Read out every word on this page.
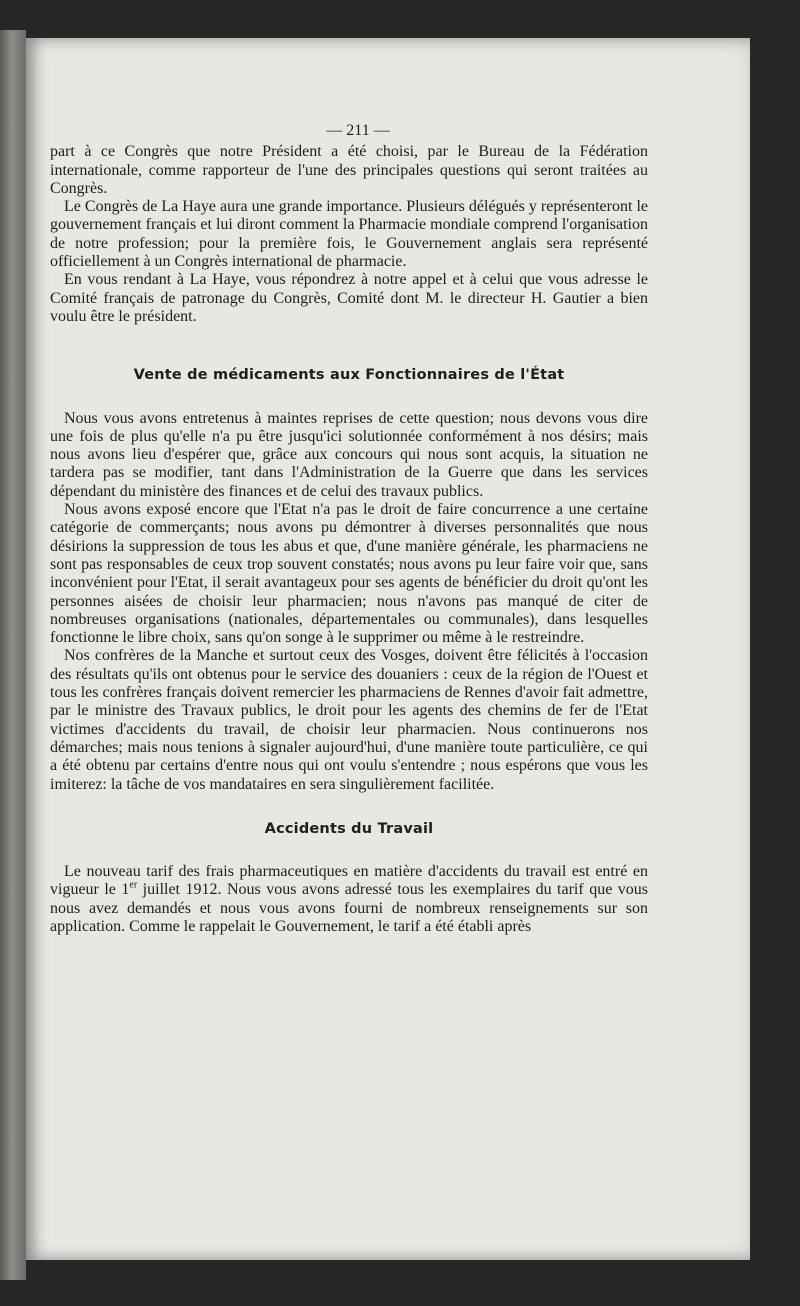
— 211 —

part à ce Congrès que notre Président a été choisi, par le Bureau de la Fédération internationale, comme rapporteur de l'une des principales questions qui seront traitées au Congrès.

Le Congrès de La Haye aura une grande importance. Plusieurs délégués y représenteront le gouvernement français et lui diront comment la Pharmacie mondiale comprend l'organisation de notre profession; pour la première fois, le Gouvernement anglais sera représenté officiellement à un Congrès international de pharmacie.

En vous rendant à La Haye, vous répondrez à notre appel et à celui que vous adresse le Comité français de patronage du Congrès, Comité dont M. le directeur H. Gautier a bien voulu être le président.

Vente de médicaments aux Fonctionnaires de l'État

Nous vous avons entretenus à maintes reprises de cette question; nous devons vous dire une fois de plus qu'elle n'a pu être jusqu'ici solutionnée conformément à nos désirs; mais nous avons lieu d'espérer que, grâce aux concours qui nous sont acquis, la situation ne tardera pas se modifier, tant dans l'Administration de la Guerre que dans les services dépendant du ministère des finances et de celui des travaux publics.

Nous avons exposé encore que l'Etat n'a pas le droit de faire concurrence a une certaine catégorie de commerçants; nous avons pu démontrer à diverses personnalités que nous désirions la suppression de tous les abus et que, d'une manière générale, les pharmaciens ne sont pas responsables de ceux trop souvent constatés; nous avons pu leur faire voir que, sans inconvénient pour l'Etat, il serait avantageux pour ses agents de bénéficier du droit qu'ont les personnes aisées de choisir leur pharmacien; nous n'avons pas manqué de citer de nombreuses organisations (nationales, départementales ou communales), dans lesquelles fonctionne le libre choix, sans qu'on songe à le supprimer ou même à le restreindre.

Nos confrères de la Manche et surtout ceux des Vosges, doivent être félicités à l'occasion des résultats qu'ils ont obtenus pour le service des douaniers : ceux de la région de l'Ouest et tous les confrères français doivent remercier les pharmaciens de Rennes d'avoir fait admettre, par le ministre des Travaux publics, le droit pour les agents des chemins de fer de l'Etat victimes d'accidents du travail, de choisir leur pharmacien. Nous continuerons nos démarches; mais nous tenions à signaler aujourd'hui, d'une manière toute particulière, ce qui a été obtenu par certains d'entre nous qui ont voulu s'entendre ; nous espérons que vous les imiterez: la tâche de vos mandataires en sera singulièrement facilitée.

Accidents du Travail

Le nouveau tarif des frais pharmaceutiques en matière d'accidents du travail est entré en vigueur le 1er juillet 1912. Nous vous avons adressé tous les exemplaires du tarif que vous nous avez demandés et nous vous avons fourni de nombreux renseignements sur son application. Comme le rappelait le Gouvernement, le tarif a été établi après
